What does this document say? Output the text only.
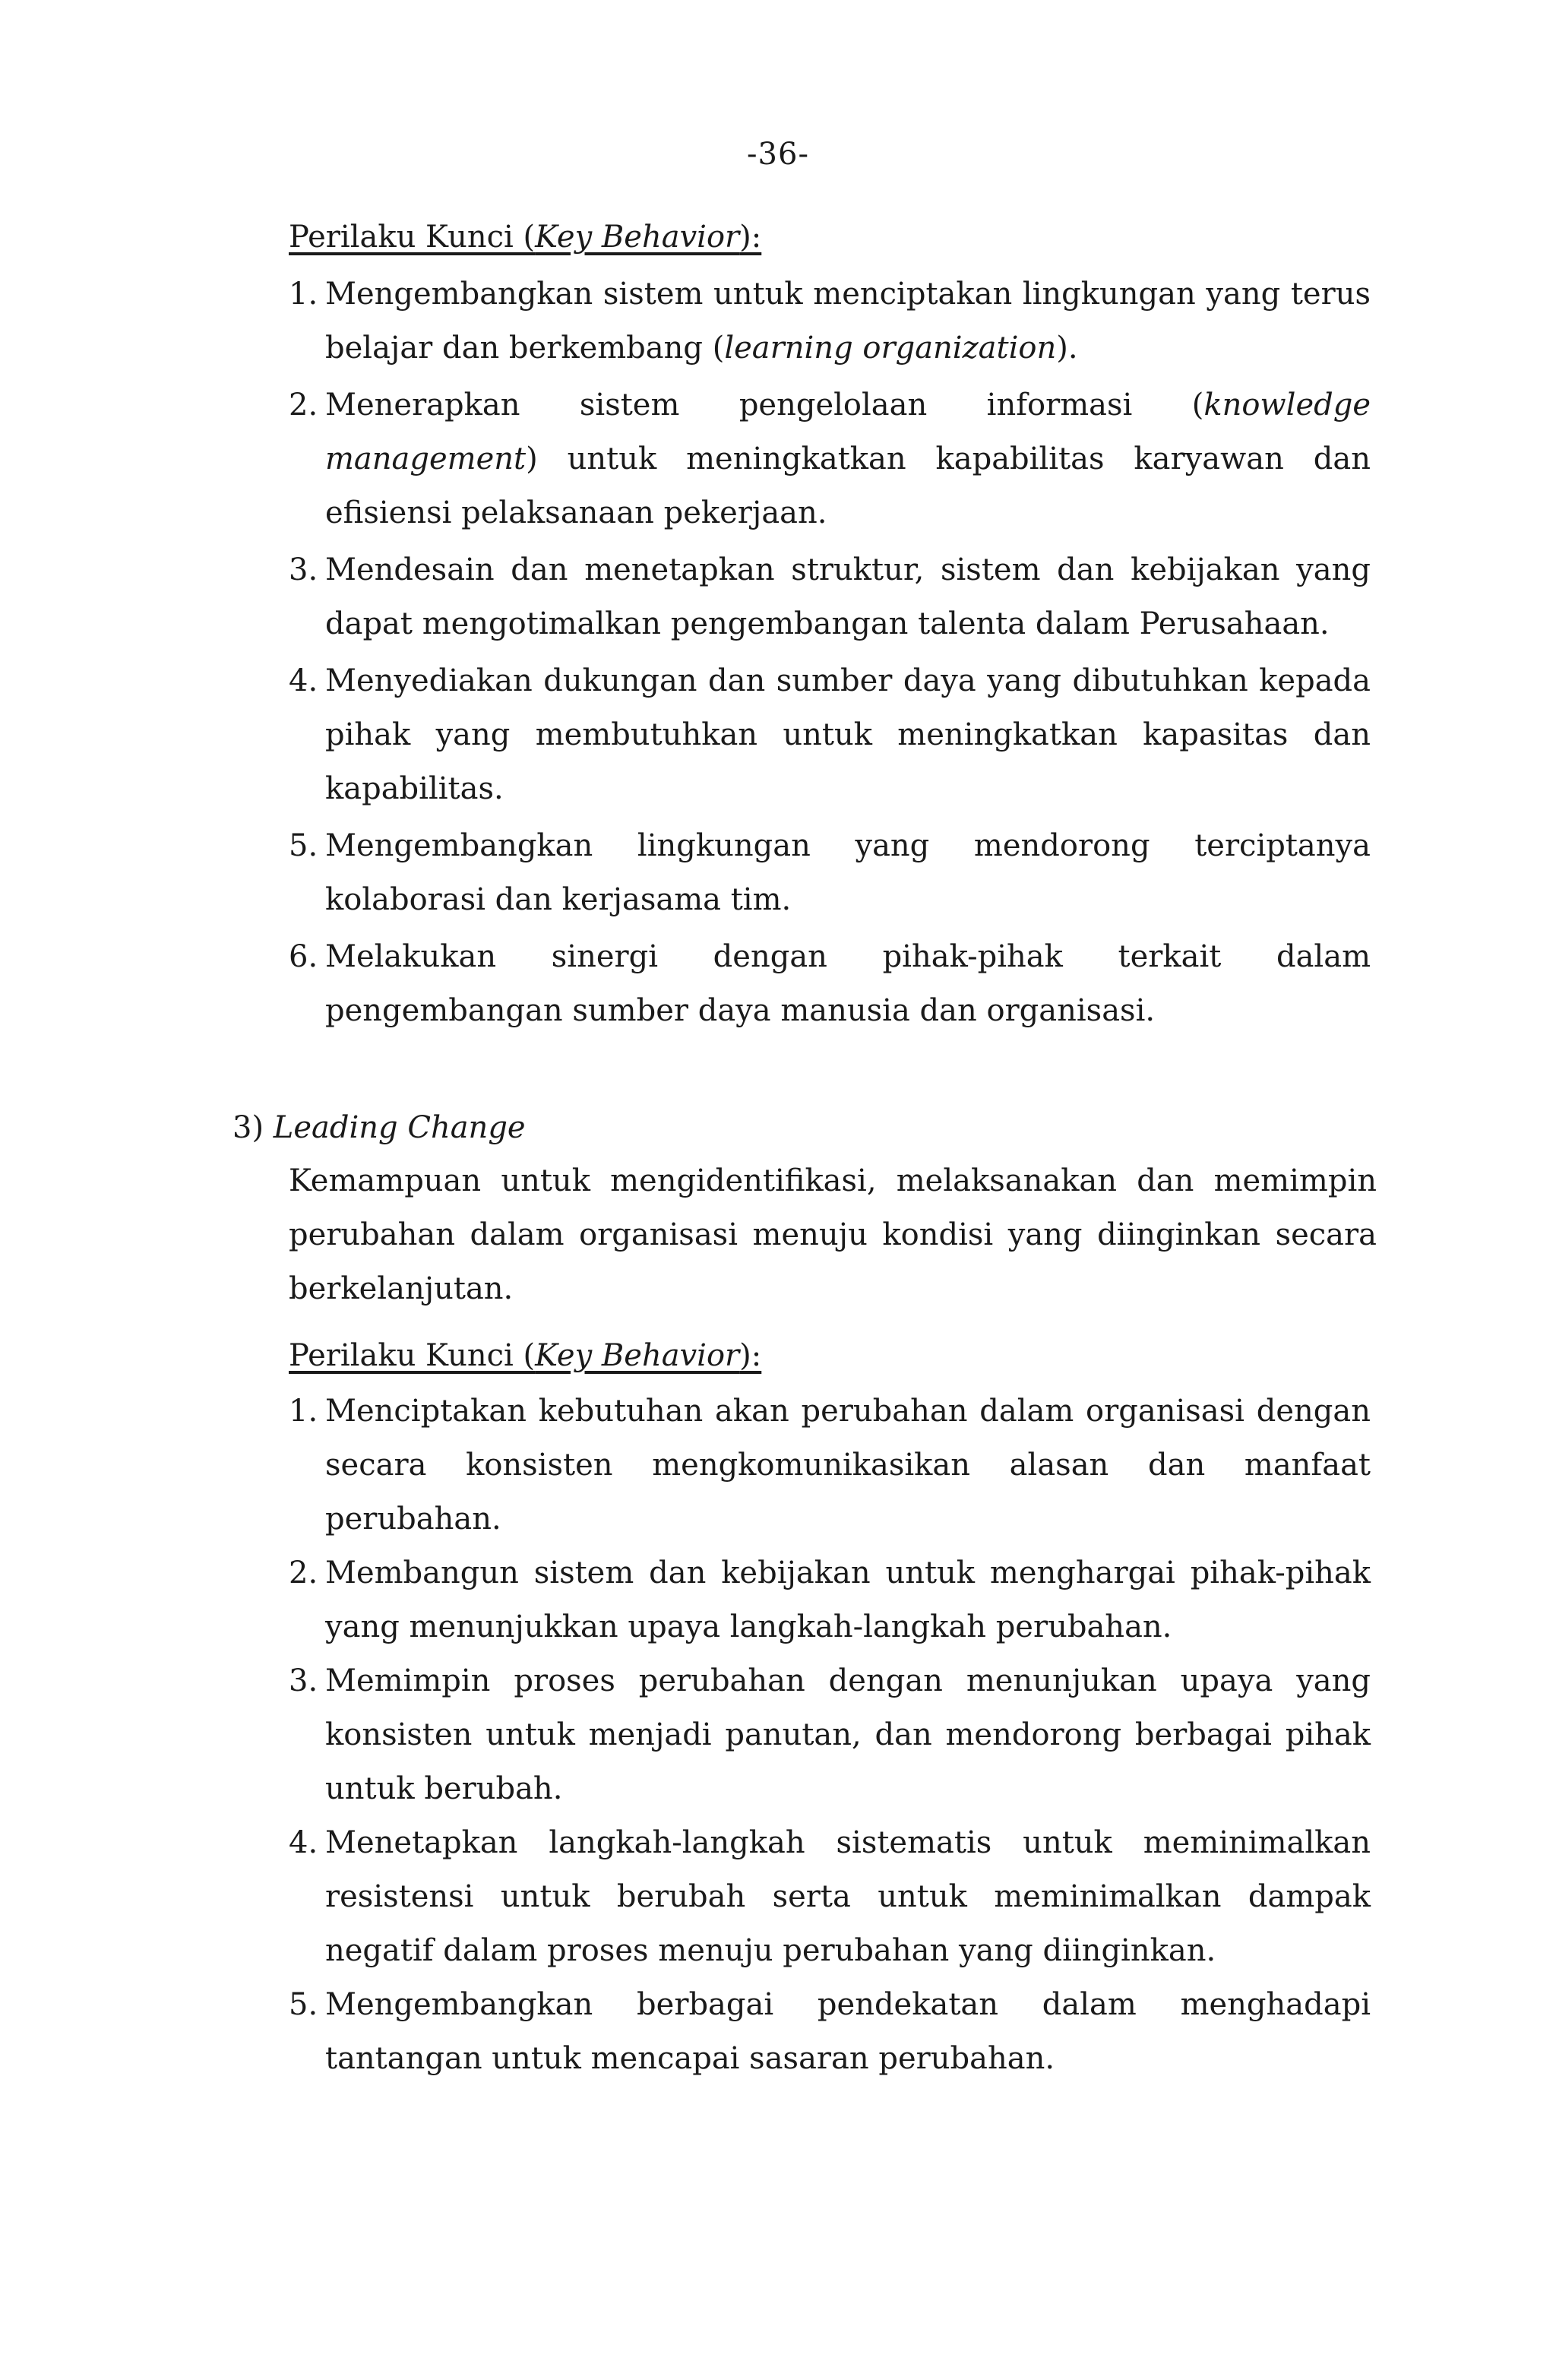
-36-
Perilaku Kunci (Key Behavior):
1. Mengembangkan sistem untuk menciptakan lingkungan yang terus belajar dan berkembang (learning organization).
2. Menerapkan sistem pengelolaan informasi (knowledge management) untuk meningkatkan kapabilitas karyawan dan efisiensi pelaksanaan pekerjaan.
3. Mendesain dan menetapkan struktur, sistem dan kebijakan yang dapat mengotimalkan pengembangan talenta dalam Perusahaan.
4. Menyediakan dukungan dan sumber daya yang dibutuhkan kepada pihak yang membutuhkan untuk meningkatkan kapasitas dan kapabilitas.
5. Mengembangkan lingkungan yang mendorong terciptanya kolaborasi dan kerjasama tim.
6. Melakukan sinergi dengan pihak-pihak terkait dalam pengembangan sumber daya manusia dan organisasi.
3) Leading Change

Kemampuan untuk mengidentifikasi, melaksanakan dan memimpin perubahan dalam organisasi menuju kondisi yang diinginkan secara berkelanjutan.

Perilaku Kunci (Key Behavior):
1. Menciptakan kebutuhan akan perubahan dalam organisasi dengan secara konsisten mengkomunikasikan alasan dan manfaat perubahan.
2. Membangun sistem dan kebijakan untuk menghargai pihak-pihak yang menunjukkan upaya langkah-langkah perubahan.
3. Memimpin proses perubahan dengan menunjukan upaya yang konsisten untuk menjadi panutan, dan mendorong berbagai pihak untuk berubah.
4. Menetapkan langkah-langkah sistematis untuk meminimalkan resistensi untuk berubah serta untuk meminimalkan dampak negatif dalam proses menuju perubahan yang diinginkan.
5. Mengembangkan berbagai pendekatan dalam menghadapi tantangan untuk mencapai sasaran perubahan.
